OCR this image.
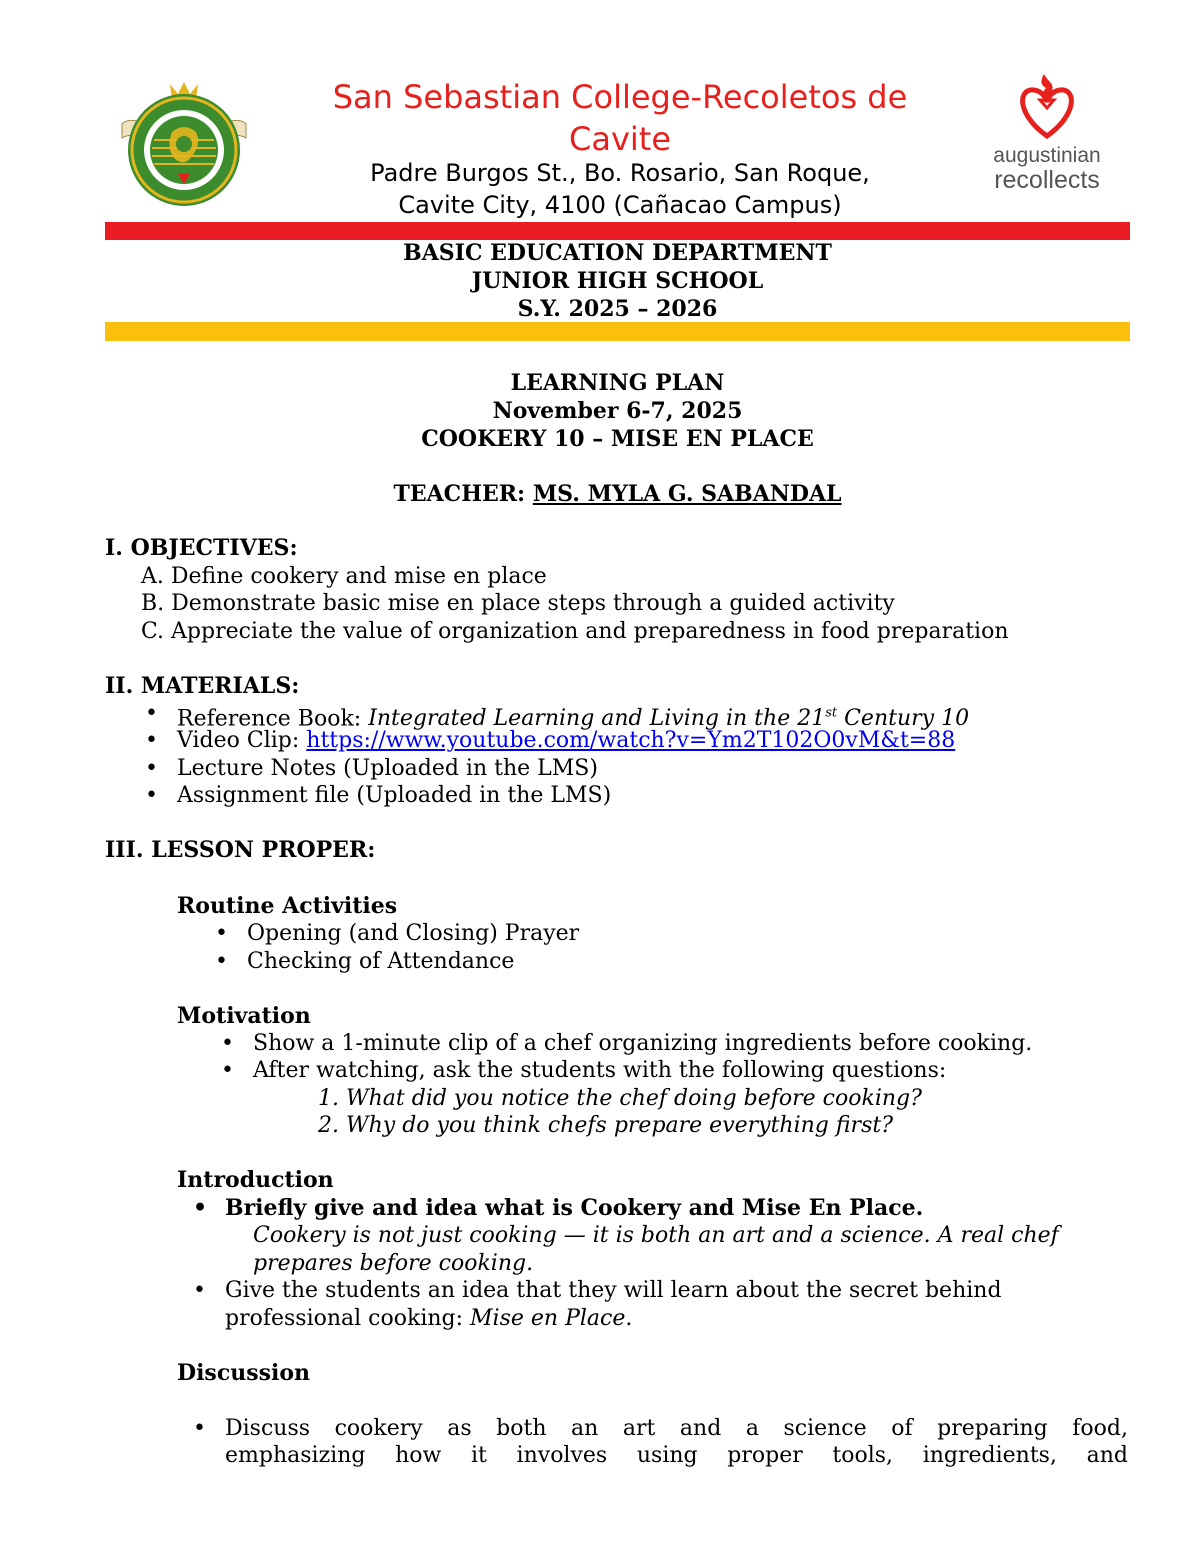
San Sebastian College-Recoletos de Cavite
Padre Burgos St., Bo. Rosario, San Roque,
Cavite City, 4100 (Cañacao Campus)
augustinian
recollects
BASIC EDUCATION DEPARTMENT
JUNIOR HIGH SCHOOL
S.Y. 2025 – 2026
LEARNING PLAN
November 6-7, 2025
COOKERY 10 – MISE EN PLACE
TEACHER: MS. MYLA G. SABANDAL
I. OBJECTIVES:
A. Define cookery and mise en place
B. Demonstrate basic mise en place steps through a guided activity
C. Appreciate the value of organization and preparedness in food preparation
II. MATERIALS:
• Reference Book: Integrated Learning and Living in the 21st Century 10
• Video Clip: https://www.youtube.com/watch?v=Ym2T102O0vM&t=88
• Lecture Notes (Uploaded in the LMS)
• Assignment file (Uploaded in the LMS)
III. LESSON PROPER:
Routine Activities
• Opening (and Closing) Prayer
• Checking of Attendance
Motivation
• Show a 1-minute clip of a chef organizing ingredients before cooking.
• After watching, ask the students with the following questions:
1. What did you notice the chef doing before cooking?
2. Why do you think chefs prepare everything first?
Introduction
• Briefly give and idea what is Cookery and Mise En Place.
Cookery is not just cooking — it is both an art and a science. A real chef
prepares before cooking.
• Give the students an idea that they will learn about the secret behind
professional cooking: Mise en Place.
Discussion
• Discuss cookery as both an art and a science of preparing food,
emphasizing how it involves using proper tools, ingredients, and
